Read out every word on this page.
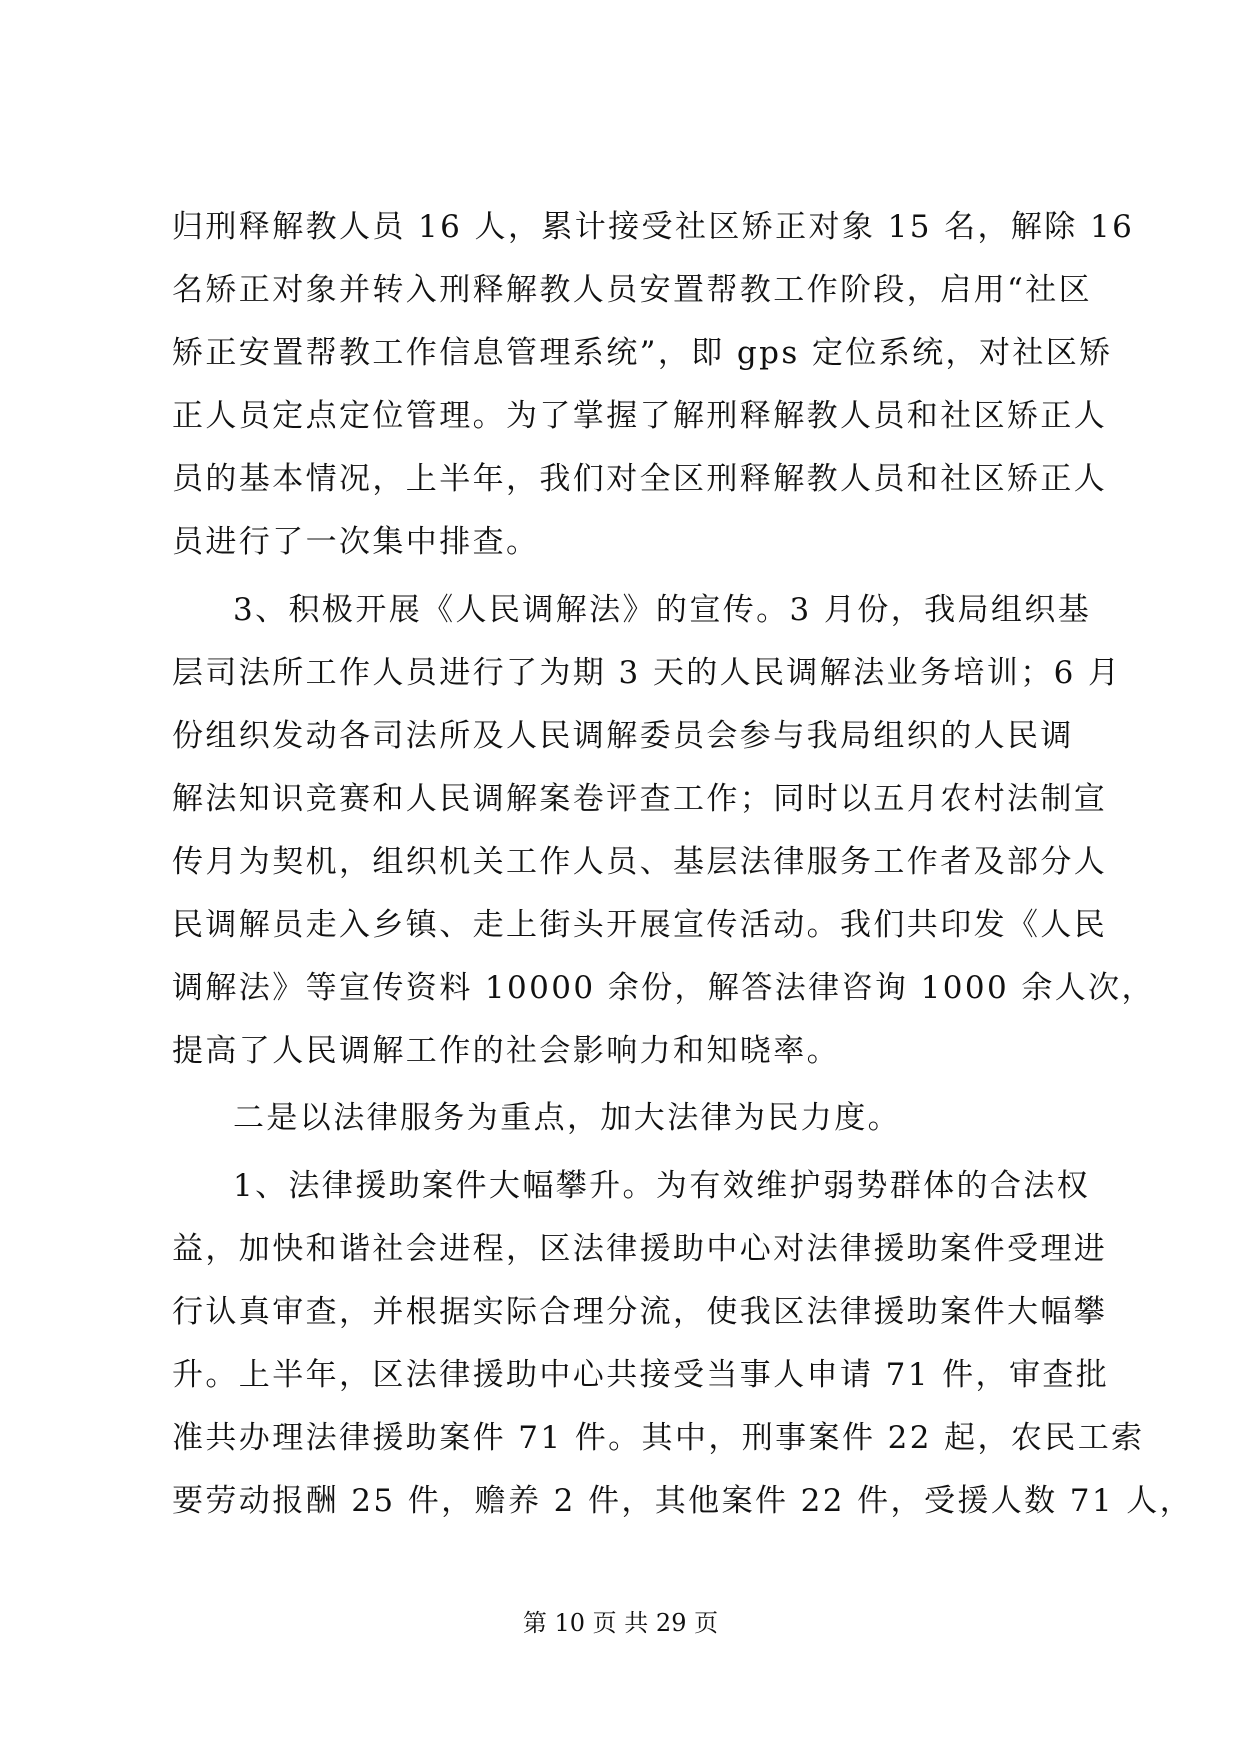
归刑释解教人员 16 人，累计接受社区矫正对象 15 名，解除 16
名矫正对象并转入刑释解教人员安置帮教工作阶段，启用“社区
矫正安置帮教工作信息管理系统”，即 gps 定位系统，对社区矫
正人员定点定位管理。为了掌握了解刑释解教人员和社区矫正人
员的基本情况，上半年，我们对全区刑释解教人员和社区矫正人
员进行了一次集中排查。
3、积极开展《人民调解法》的宣传。3 月份，我局组织基
层司法所工作人员进行了为期 3 天的人民调解法业务培训；6 月
份组织发动各司法所及人民调解委员会参与我局组织的人民调
解法知识竞赛和人民调解案卷评查工作；同时以五月农村法制宣
传月为契机，组织机关工作人员、基层法律服务工作者及部分人
民调解员走入乡镇、走上街头开展宣传活动。我们共印发《人民
调解法》等宣传资料 10000 余份，解答法律咨询 1000 余人次，
提高了人民调解工作的社会影响力和知晓率。
二是以法律服务为重点，加大法律为民力度。
1、法律援助案件大幅攀升。为有效维护弱势群体的合法权
益，加快和谐社会进程，区法律援助中心对法律援助案件受理进
行认真审查，并根据实际合理分流，使我区法律援助案件大幅攀
升。上半年，区法律援助中心共接受当事人申请 71 件，审查批
准共办理法律援助案件 71 件。其中，刑事案件 22 起，农民工索
要劳动报酬 25 件，赡养 2 件，其他案件 22 件，受援人数 71 人，
第 10 页 共 29 页
